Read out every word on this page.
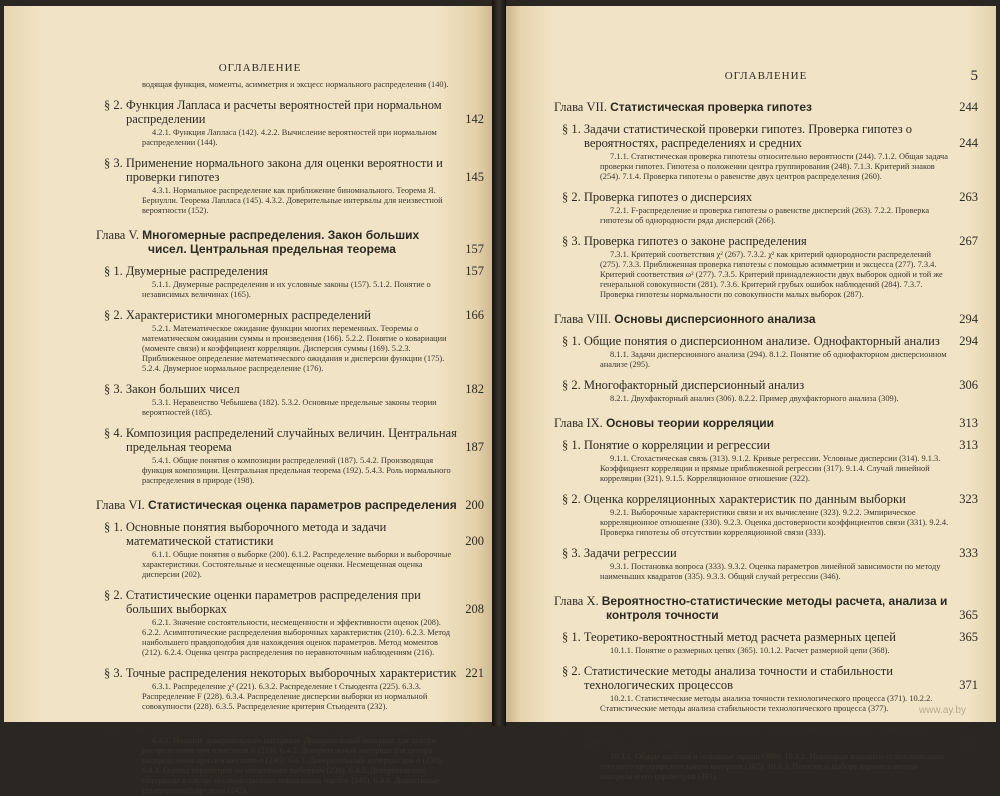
ОГЛАВЛЕНИЕ
водящая функция, моменты, асимметрия и эксцесс нормального распределения (140).
§ 2. Функция Лапласа и расчеты вероятностей при нормальном распределении	142
4.2.1. Функция Лапласа (142). 4.2.2. Вычисление вероятностей при нормальном распределении (144).
§ 3. Применение нормального закона для оценки вероятности и проверки гипотез	145
4.3.1. Нормальное распределение как приближение биномиального. Теорема Я. Бернулли. Теорема Лапласа (145). 4.3.2. Доверительные интервалы для неизвестной вероятности (152).
Глава V. Многомерные распределения. Закон больших чисел. Центральная предельная теорема	157
§ 1. Двумерные распределения	157
5.1.1. Двумерные распределения и их условные законы (157). 5.1.2. Понятие о независимых величинах (165).
§ 2. Характеристики многомерных распределений	166
5.2.1. Математическое ожидание функции многих переменных. Теоремы о математическом ожидании суммы и произведения (166). 5.2.2. Понятие о ковариации (моменте связи) и коэффициент корреляции. Дисперсия суммы (169). 5.2.3. Приближенное определение математического ожидания и дисперсии функции (175). 5.2.4. Двумерное нормальное распределение (176).
§ 3. Закон больших чисел	182
5.3.1. Неравенство Чебышева (182). 5.3.2. Основные предельные законы теории вероятностей (185).
§ 4. Композиция распределений случайных величин. Центральная предельная теорема	187
5.4.1. Общие понятия о композиции распределений (187). 5.4.2. Производящая функция композиции. Центральная предельная теорема (192). 5.4.3. Роль нормального распределения в природе (198).
Глава VI. Статистическая оценка параметров распределения 200
§ 1. Основные понятия выборочного метода и задачи математической статистики	200
6.1.1. Общие понятия о выборке (200). 6.1.2. Распределение выборки и выборочные характеристики. Состоятельные и несмещенные оценки. Несмещенная оценка дисперсии (202).
§ 2. Статистические оценки параметров распределения при больших выборках	208
6.2.1. Значение состоятельности, несмещенности и эффективности оценок (208). 6.2.2. Асимптотические распределения выборочных характеристик (210). 6.2.3. Метод наибольшего правдоподобия для нахождения оценок параметров. Метод моментов (212). 6.2.4. Оценка центра распределения по неравноточным наблюдениям (216).
§ 3. Точные распределения некоторых выборочных характеристик 221
6.3.1. Распределение χ² (221). 6.3.2. Распределение t Стьюдента (225). 6.3.3. Распределение F (228). 6.3.4. Распределение дисперсии выборки из нормальной совокупности (228). 6.3.5. Распределение критерия Стьюдента (232).
§ 4. Оценка параметров распределения по малым выборкам	233
6.4.1. Понятие доверительного интервала. Доверительный интервал для центра распределения при известном σ (233). 6.4.2. Доверительный интервал для центра распределения при неизвестном σ (236). 6.4.3. Доверительный интервал для σ (238). 6.4.4. Оценка параметров по нескольким выборкам (239). 6.4.5. Доверительные интервалы в случае несимметричных нормальных оценок (240). 6.4.6. Допустимые (толерантные) пределы (242).
ОГЛАВЛЕНИЕ	5
Глава VII. Статистическая проверка гипотез	244
§ 1. Задачи статистической проверки гипотез. Проверка гипотез о вероятностях, распределениях и средних	244
7.1.1. Статистическая проверка гипотезы относительно вероятности (244). 7.1.2. Общая задача проверки гипотез. Гипотеза о положении центра группирования (248). 7.1.3. Критерий знаков (254). 7.1.4. Проверка гипотезы о равенстве двух центров распределения (260).
§ 2. Проверка гипотез о дисперсиях	263
7.2.1. F-распределение и проверка гипотезы о равенстве дисперсий (263). 7.2.2. Проверка гипотезы об однородности ряда дисперсий (266).
§ 3. Проверка гипотез о законе распределения	267
7.3.1. Критерий соответствия χ² (267). 7.3.2. χ² как критерий однородности распределений (275). 7.3.3. Приближенная проверка гипотезы с помощью асимметрии и эксцесса (277). 7.3.4. Критерий соответствия ω² (277). 7.3.5. Критерий принадлежности двух выборок одной и той же генеральной совокупности (281). 7.3.6. Критерий грубых ошибок наблюдений (284). 7.3.7. Проверка гипотезы нормальности по совокупности малых выборок (287).
Глава VIII. Основы дисперсионного анализа	294
§ 1. Общие понятия о дисперсионном анализе. Однофакторный анализ 294
8.1.1. Задачи дисперсионного анализа (294). 8.1.2. Понятие об однофакторном дисперсионном анализе (295).
§ 2. Многофакторный дисперсионный анализ	306
8.2.1. Двухфакторный анализ (306). 8.2.2. Пример двухфакторного анализа (309).
Глава IX. Основы теории корреляции	313
§ 1. Понятие о корреляции и регрессии	313
9.1.1. Стохастическая связь (313). 9.1.2. Кривые регрессии. Условные дисперсии (314). 9.1.3. Коэффициент корреляции и прямые приближенной регрессии (317). 9.1.4. Случай линейной корреляции (321). 9.1.5. Корреляционное отношение (322).
§ 2. Оценка корреляционных характеристик по данным выборки	323
9.2.1. Выборочные характеристики связи и их вычисление (323). 9.2.2. Эмпирическое корреляционное отношение (330). 9.2.3. Оценка достоверности коэффициентов связи (331). 9.2.4. Проверка гипотезы об отсутствии корреляционной связи (333).
§ 3. Задачи регрессии	333
9.3.1. Постановка вопроса (333). 9.3.2. Оценка параметров линейной зависимости по методу наименьших квадратов (335). 9.3.3. Общий случай регрессии (346).
Глава X. Вероятностно-статистические методы расчета, анализа и контроля точности	365
§ 1. Теоретико-вероятностный метод расчета размерных цепей	365
10.1.1. Понятие о размерных цепях (365). 10.1.2. Расчет размерной цепи (368).
§ 2. Статистические методы анализа точности и стабильности технологических процессов	371
10.2.1. Статистические методы анализа точности технологического процесса (371). 10.2.2. Статистические методы анализа стабильности технологического процесса (377).
§ 3. Статистические методы текущего предупредительного контроля качества продукции	386
10.3.1. Общие понятия и основные задачи (386). 10.3.2. Некоторые варианты статистического текущего предупредительного контроля (387). 10.3.3. Понятие о выборе варианта метода контроля и его параметров (391).
www.ay.by
